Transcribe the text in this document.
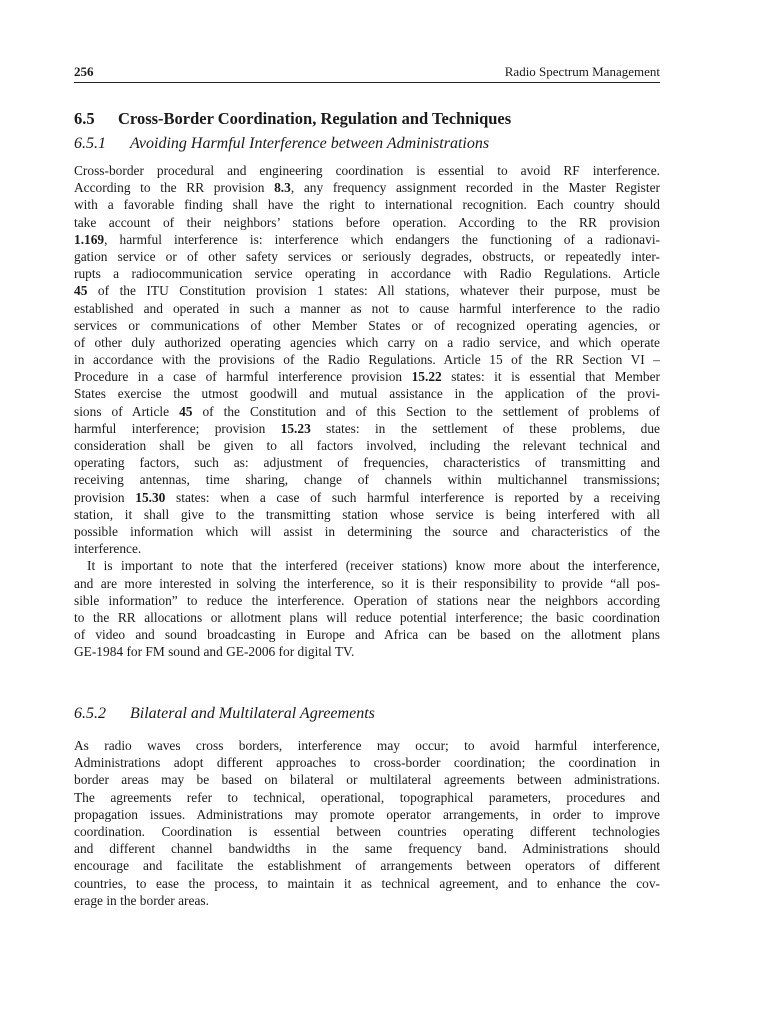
256	Radio Spectrum Management
6.5 Cross-Border Coordination, Regulation and Techniques
6.5.1 Avoiding Harmful Interference between Administrations
Cross-border procedural and engineering coordination is essential to avoid RF interference.
According to the RR provision 8.3, any frequency assignment recorded in the Master Register
with a favorable finding shall have the right to international recognition. Each country should
take account of their neighbors’ stations before operation. According to the RR provision
1.169, harmful interference is: interference which endangers the functioning of a radionavi-
gation service or of other safety services or seriously degrades, obstructs, or repeatedly inter-
rupts a radiocommunication service operating in accordance with Radio Regulations. Article
45 of the ITU Constitution provision 1 states: All stations, whatever their purpose, must be
established and operated in such a manner as not to cause harmful interference to the radio
services or communications of other Member States or of recognized operating agencies, or
of other duly authorized operating agencies which carry on a radio service, and which operate
in accordance with the provisions of the Radio Regulations. Article 15 of the RR Section VI –
Procedure in a case of harmful interference provision 15.22 states: it is essential that Member
States exercise the utmost goodwill and mutual assistance in the application of the provi-
sions of Article 45 of the Constitution and of this Section to the settlement of problems of
harmful interference; provision 15.23 states: in the settlement of these problems, due
consideration shall be given to all factors involved, including the relevant technical and
operating factors, such as: adjustment of frequencies, characteristics of transmitting and
receiving antennas, time sharing, change of channels within multichannel transmissions;
provision 15.30 states: when a case of such harmful interference is reported by a receiving
station, it shall give to the transmitting station whose service is being interfered with all
possible information which will assist in determining the source and characteristics of the
interference.
It is important to note that the interfered (receiver stations) know more about the interference,
and are more interested in solving the interference, so it is their responsibility to provide “all pos-
sible information” to reduce the interference. Operation of stations near the neighbors according
to the RR allocations or allotment plans will reduce potential interference; the basic coordination
of video and sound broadcasting in Europe and Africa can be based on the allotment plans
GE-1984 for FM sound and GE-2006 for digital TV.
6.5.2 Bilateral and Multilateral Agreements
As radio waves cross borders, interference may occur; to avoid harmful interference,
Administrations adopt different approaches to cross-border coordination; the coordination in
border areas may be based on bilateral or multilateral agreements between administrations.
The agreements refer to technical, operational, topographical parameters, procedures and
propagation issues. Administrations may promote operator arrangements, in order to improve
coordination. Coordination is essential between countries operating different technologies
and different channel bandwidths in the same frequency band. Administrations should
encourage and facilitate the establishment of arrangements between operators of different
countries, to ease the process, to maintain it as technical agreement, and to enhance the cov-
erage in the border areas.
